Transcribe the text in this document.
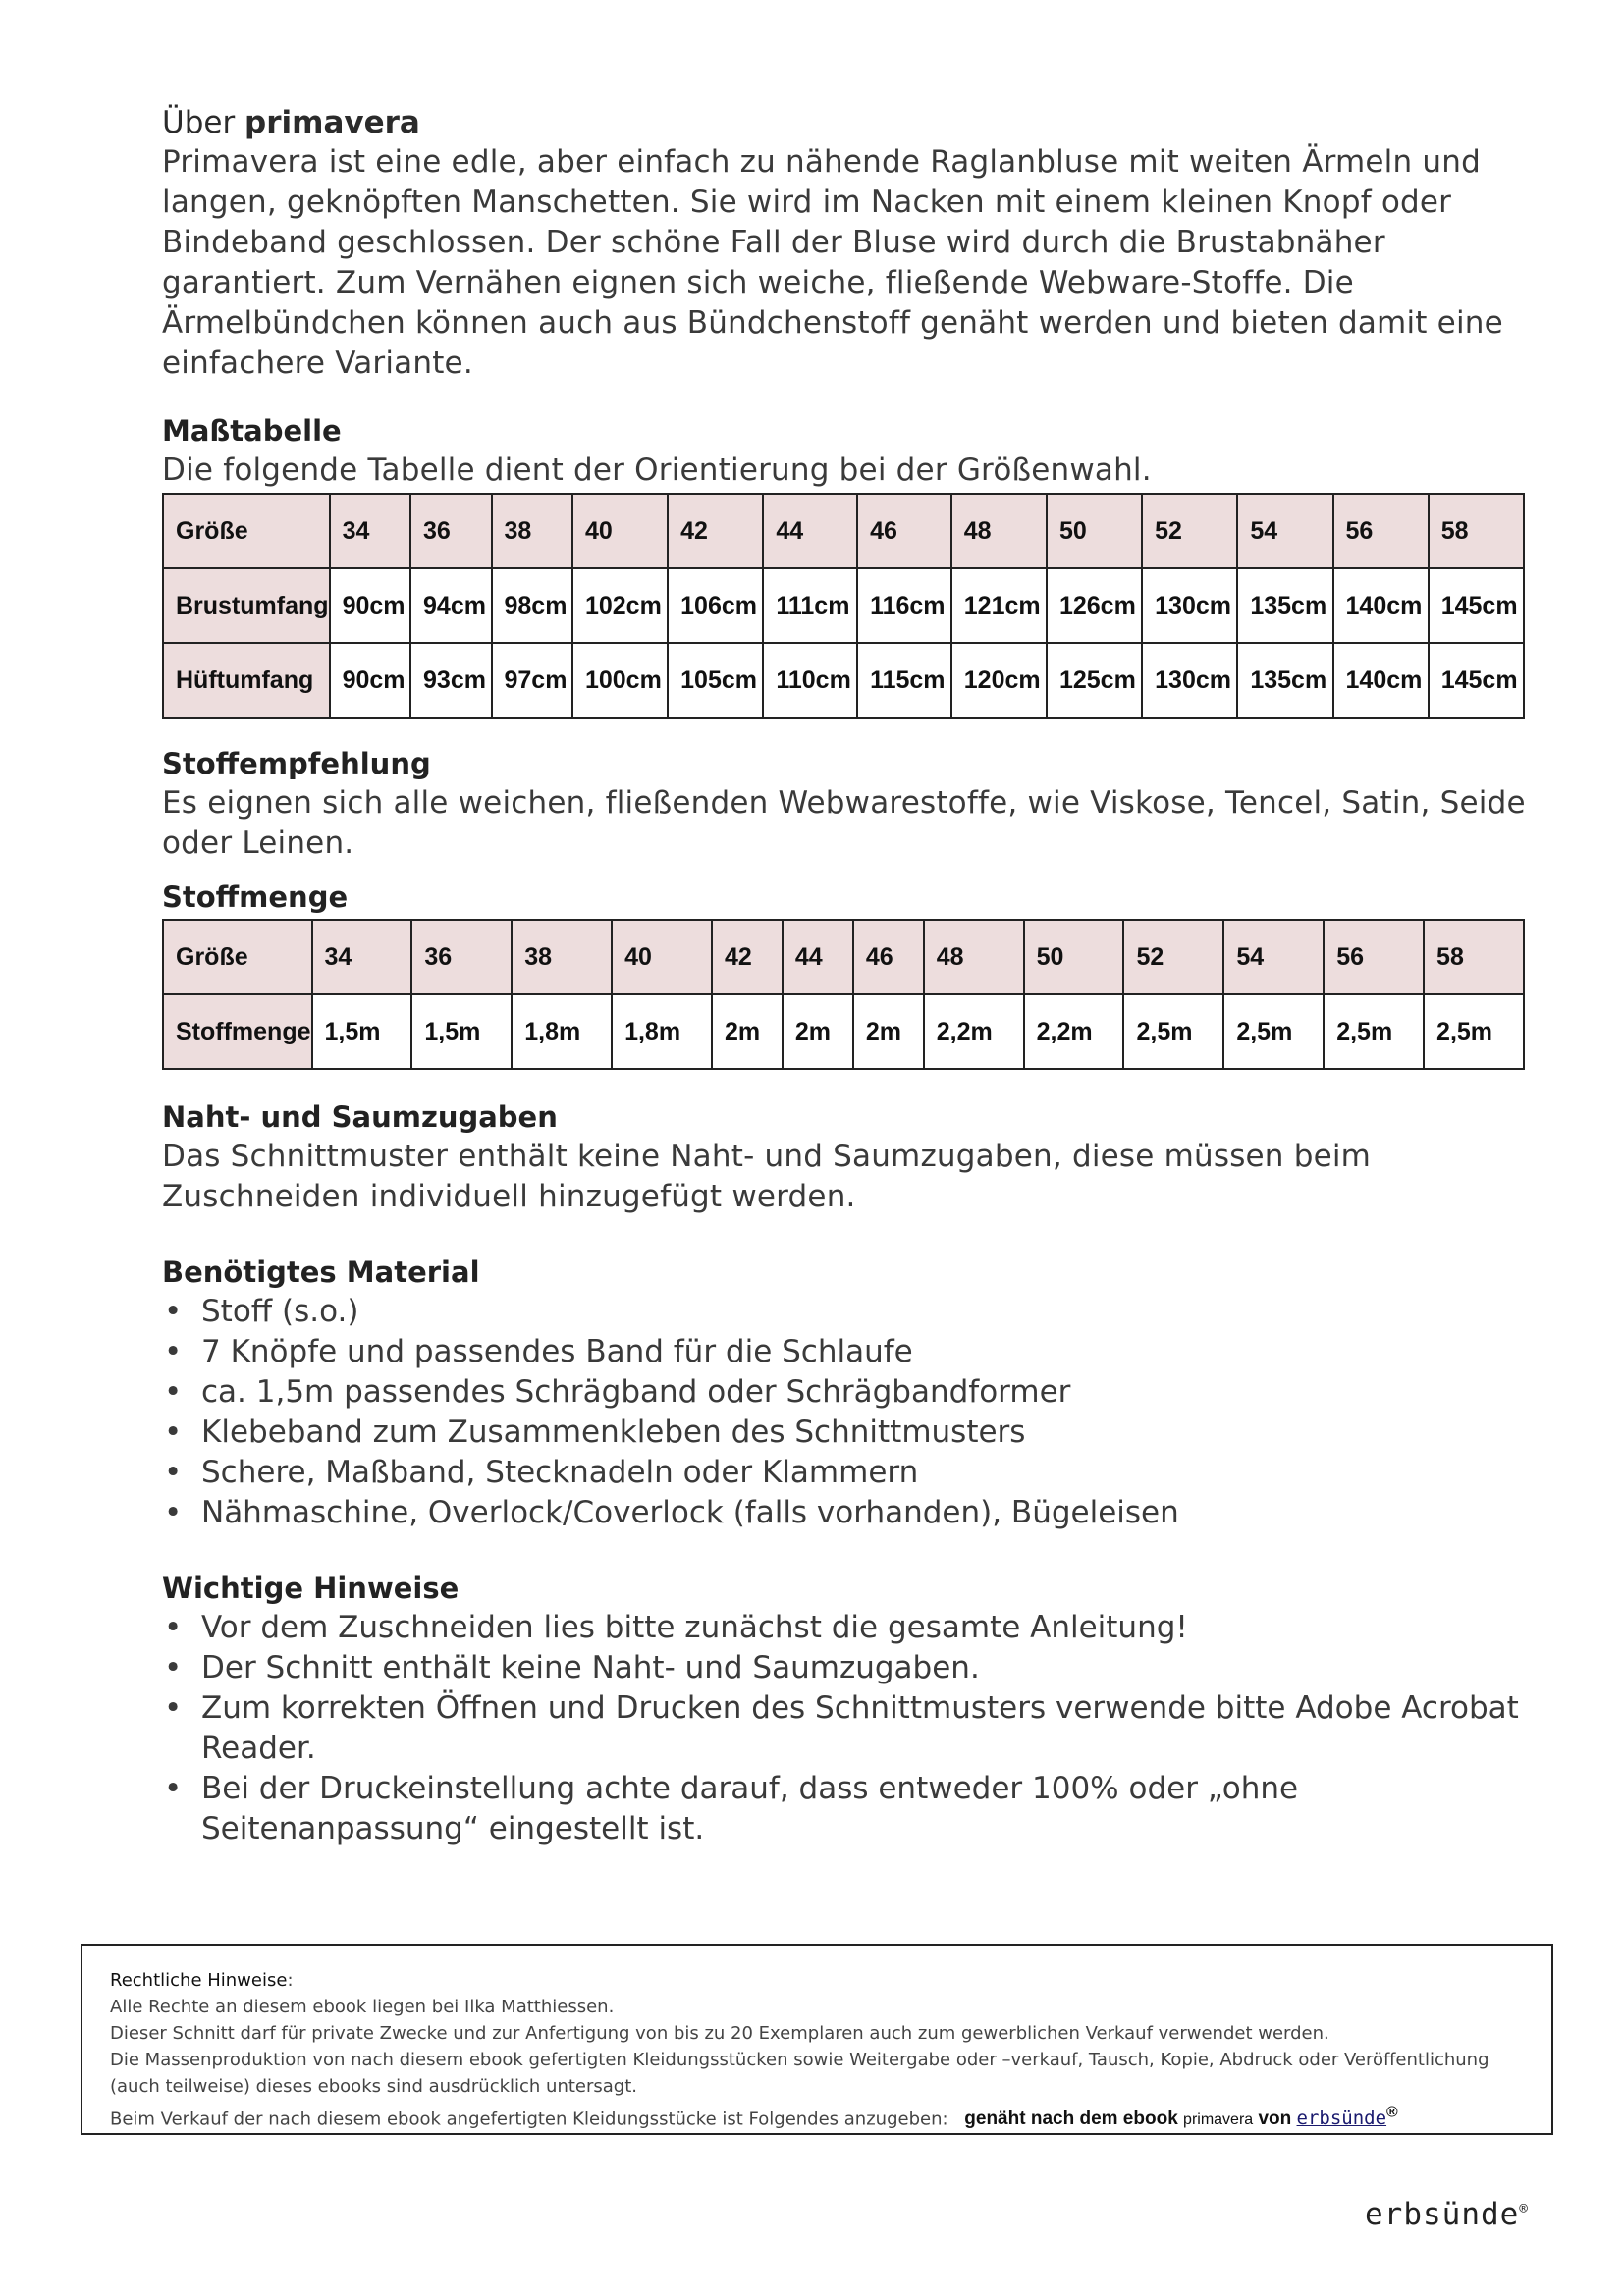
Über primavera

Primavera ist eine edle, aber einfach zu nähende Raglanbluse mit weiten Ärmeln und langen, geknöpften Manschetten. Sie wird im Nacken mit einem kleinen Knopf oder Bindeband geschlossen. Der schöne Fall der Bluse wird durch die Brustabnäher garantiert. Zum Vernähen eignen sich weiche, fließende Webware-Stoffe. Die Ärmelbündchen können auch aus Bündchenstoff genäht werden und bieten damit eine einfachere Variante.

Maßtabelle

Die folgende Tabelle dient der Orientierung bei der Größenwahl.

Größe	34	36	38	40	42	44	46	48	50	52	54	56	58
Brustumfang	90cm	94cm	98cm	102cm	106cm	111cm	116cm	121cm	126cm	130cm	135cm	140cm	145cm
Hüftumfang	90cm	93cm	97cm	100cm	105cm	110cm	115cm	120cm	125cm	130cm	135cm	140cm	145cm
Stoffempfehlung

Es eignen sich alle weichen, fließenden Webwarestoffe, wie Viskose, Tencel, Satin, Seide oder Leinen.

Stoffmenge
Größe	34	36	38	40	42	44	46	48	50	52	54	56	58
Stoffmenge	1,5m	1,5m	1,8m	1,8m	2m	2m	2m	2,2m	2,2m	2,5m	2,5m	2,5m	2,5m
Naht- und Saumzugaben

Das Schnittmuster enthält keine Naht- und Saumzugaben, diese müssen beim Zuschneiden individuell hinzugefügt werden.

Benötigtes Material
• Stoff (s.o.)
• 7 Knöpfe und passendes Band für die Schlaufe
• ca. 1,5m passendes Schrägband oder Schrägbandformer
• Klebeband zum Zusammenkleben des Schnittmusters
• Schere, Maßband, Stecknadeln oder Klammern
• Nähmaschine, Overlock/Coverlock (falls vorhanden), Bügeleisen
Wichtige Hinweise
• Vor dem Zuschneiden lies bitte zunächst die gesamte Anleitung!
• Der Schnitt enthält keine Naht- und Saumzugaben.
• Zum korrekten Öffnen und Drucken des Schnittmusters verwende bitte Adobe Acrobat Reader.
• Bei der Druckeinstellung achte darauf, dass entweder 100% oder „ohne Seitenanpassung“ eingestellt ist.
Rechtliche Hinweise:
Alle Rechte an diesem ebook liegen bei Ilka Matthiessen.
Dieser Schnitt darf für private Zwecke und zur Anfertigung von bis zu 20 Exemplaren auch zum gewerblichen Verkauf verwendet werden.
Die Massenproduktion von nach diesem ebook gefertigten Kleidungsstücken sowie Weitergabe oder –verkauf, Tausch, Kopie, Abdruck oder Veröffentlichung (auch teilweise) dieses ebooks sind ausdrücklich untersagt.
Beim Verkauf der nach diesem ebook angefertigten Kleidungsstücke ist Folgendes anzugeben: genäht nach dem ebook primavera von erbsünde®
erbsünde®
